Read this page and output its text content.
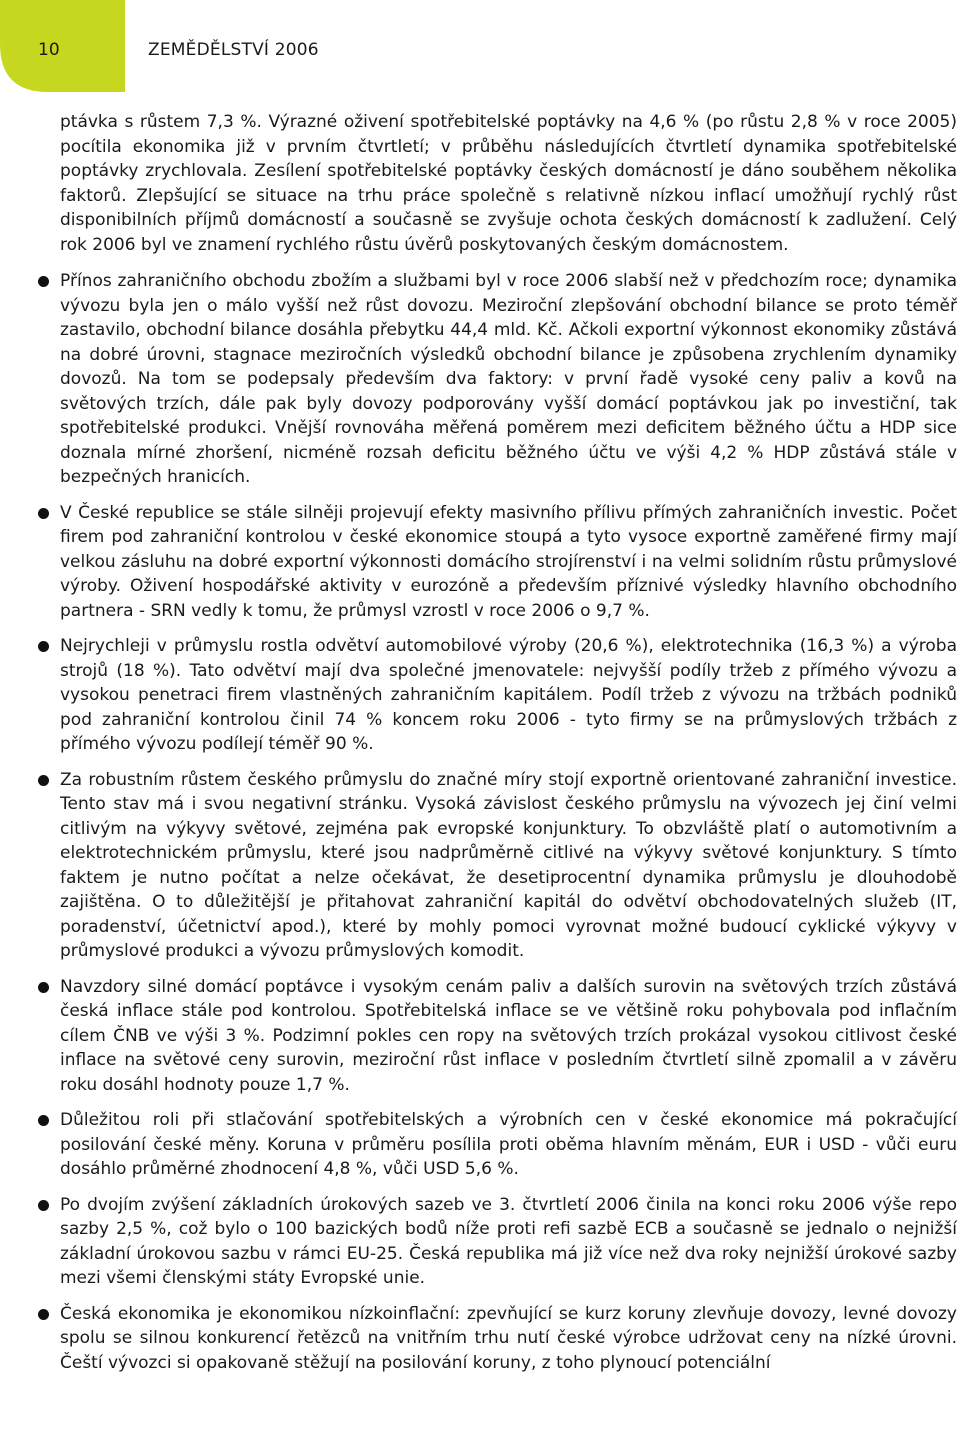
10	ZEMĚDĚLSTVÍ 2006

ptávka s růstem 7,3 %. Výrazné oživení spotřebitelské poptávky na 4,6 % (po růstu 2,8 % v roce 2005) pocítila ekonomika již v prvním čtvrtletí; v průběhu následujících čtvrtletí dynamika spotřebitelské poptávky zrychlovala. Zesílení spotřebitelské poptávky českých domácností je dáno souběhem několika faktorů. Zlepšující se situace na trhu práce společně s relativně nízkou inflací umožňují rychlý růst disponibilních příjmů domácností a současně se zvyšuje ochota českých domácností k zadlužení. Celý rok 2006 byl ve znamení rychlého růstu úvěrů poskytovaných českým domácnostem.

Přínos zahraničního obchodu zbožím a službami byl v roce 2006 slabší než v předchozím roce; dynamika vývozu byla jen o málo vyšší než růst dovozu. Meziroční zlepšování obchodní bilance se proto téměř zastavilo, obchodní bilance dosáhla přebytku 44,4 mld. Kč. Ačkoli exportní výkonnost ekonomiky zůstává na dobré úrovni, stagnace meziročních výsledků obchodní bilance je způsobena zrychlením dynamiky dovozů. Na tom se podepsaly především dva faktory: v první řadě vysoké ceny paliv a kovů na světových trzích, dále pak byly dovozy podporovány vyšší domácí poptávkou jak po investiční, tak spotřebitelské produkci. Vnější rovnováha měřená poměrem mezi deficitem běžného účtu a HDP sice doznala mírné zhoršení, nicméně rozsah deficitu běžného účtu ve výši 4,2 % HDP zůstává stále v bezpečných hranicích.
V České republice se stále silněji projevují efekty masivního přílivu přímých zahraničních investic. Počet firem pod zahraniční kontrolou v české ekonomice stoupá a tyto vysoce exportně zaměřené firmy mají velkou zásluhu na dobré exportní výkonnosti domácího strojírenství i na velmi solidním růstu průmyslové výroby. Oživení hospodářské aktivity v eurozóně a především příznivé výsledky hlavního obchodního partnera - SRN vedly k tomu, že průmysl vzrostl v roce 2006 o 9,7 %.
Nejrychleji v průmyslu rostla odvětví automobilové výroby (20,6 %), elektrotechnika (16,3 %) a výroba strojů (18 %). Tato odvětví mají dva společné jmenovatele: nejvyšší podíly tržeb z přímého vývozu a vysokou penetraci firem vlastněných zahraničním kapitálem. Podíl tržeb z vývozu na tržbách podniků pod zahraniční kontrolou činil 74 % koncem roku 2006 - tyto firmy se na průmyslových tržbách z přímého vývozu podílejí téměř 90 %.
Za robustním růstem českého průmyslu do značné míry stojí exportně orientované zahraniční investice. Tento stav má i svou negativní stránku. Vysoká závislost českého průmyslu na vývozech jej činí velmi citlivým na výkyvy světové, zejména pak evropské konjunktury. To obzvláště platí o automotivním a elektrotechnickém průmyslu, které jsou nadprůměrně citlivé na výkyvy světové konjunktury. S tímto faktem je nutno počítat a nelze očekávat, že desetiprocentní dynamika průmyslu je dlouhodobě zajištěna. O to důležitější je přitahovat zahraniční kapitál do odvětví obchodovatelných služeb (IT, poradenství, účetnictví apod.), které by mohly pomoci vyrovnat možné budoucí cyklické výkyvy v průmyslové produkci a vývozu průmyslových komodit.
Navzdory silné domácí poptávce i vysokým cenám paliv a dalších surovin na světových trzích zůstává česká inflace stále pod kontrolou. Spotřebitelská inflace se ve většině roku pohybovala pod inflačním cílem ČNB ve výši 3 %. Podzimní pokles cen ropy na světových trzích prokázal vysokou citlivost české inflace na světové ceny surovin, meziroční růst inflace v posledním čtvrtletí silně zpomalil a v závěru roku dosáhl hodnoty pouze 1,7 %.
Důležitou roli při stlačování spotřebitelských a výrobních cen v české ekonomice má pokračující posilování české měny. Koruna v průměru posílila proti oběma hlavním měnám, EUR i USD - vůči euru dosáhlo průměrné zhodnocení 4,8 %, vůči USD 5,6 %.
Po dvojím zvýšení základních úrokových sazeb ve 3. čtvrtletí 2006 činila na konci roku 2006 výše repo sazby 2,5 %, což bylo o 100 bazických bodů níže proti refi sazbě ECB a současně se jednalo o nejnižší základní úrokovou sazbu v rámci EU-25. Česká republika má již více než dva roky nejnižší úrokové sazby mezi všemi členskými státy Evropské unie.
Česká ekonomika je ekonomikou nízkoinflační: zpevňující se kurz koruny zlevňuje dovozy, levné dovozy spolu se silnou konkurencí řetězců na vnitřním trhu nutí české výrobce udržovat ceny na nízké úrovni. Čeští vývozci si opakovaně stěžují na posilování koruny, z toho plynoucí potenciální
